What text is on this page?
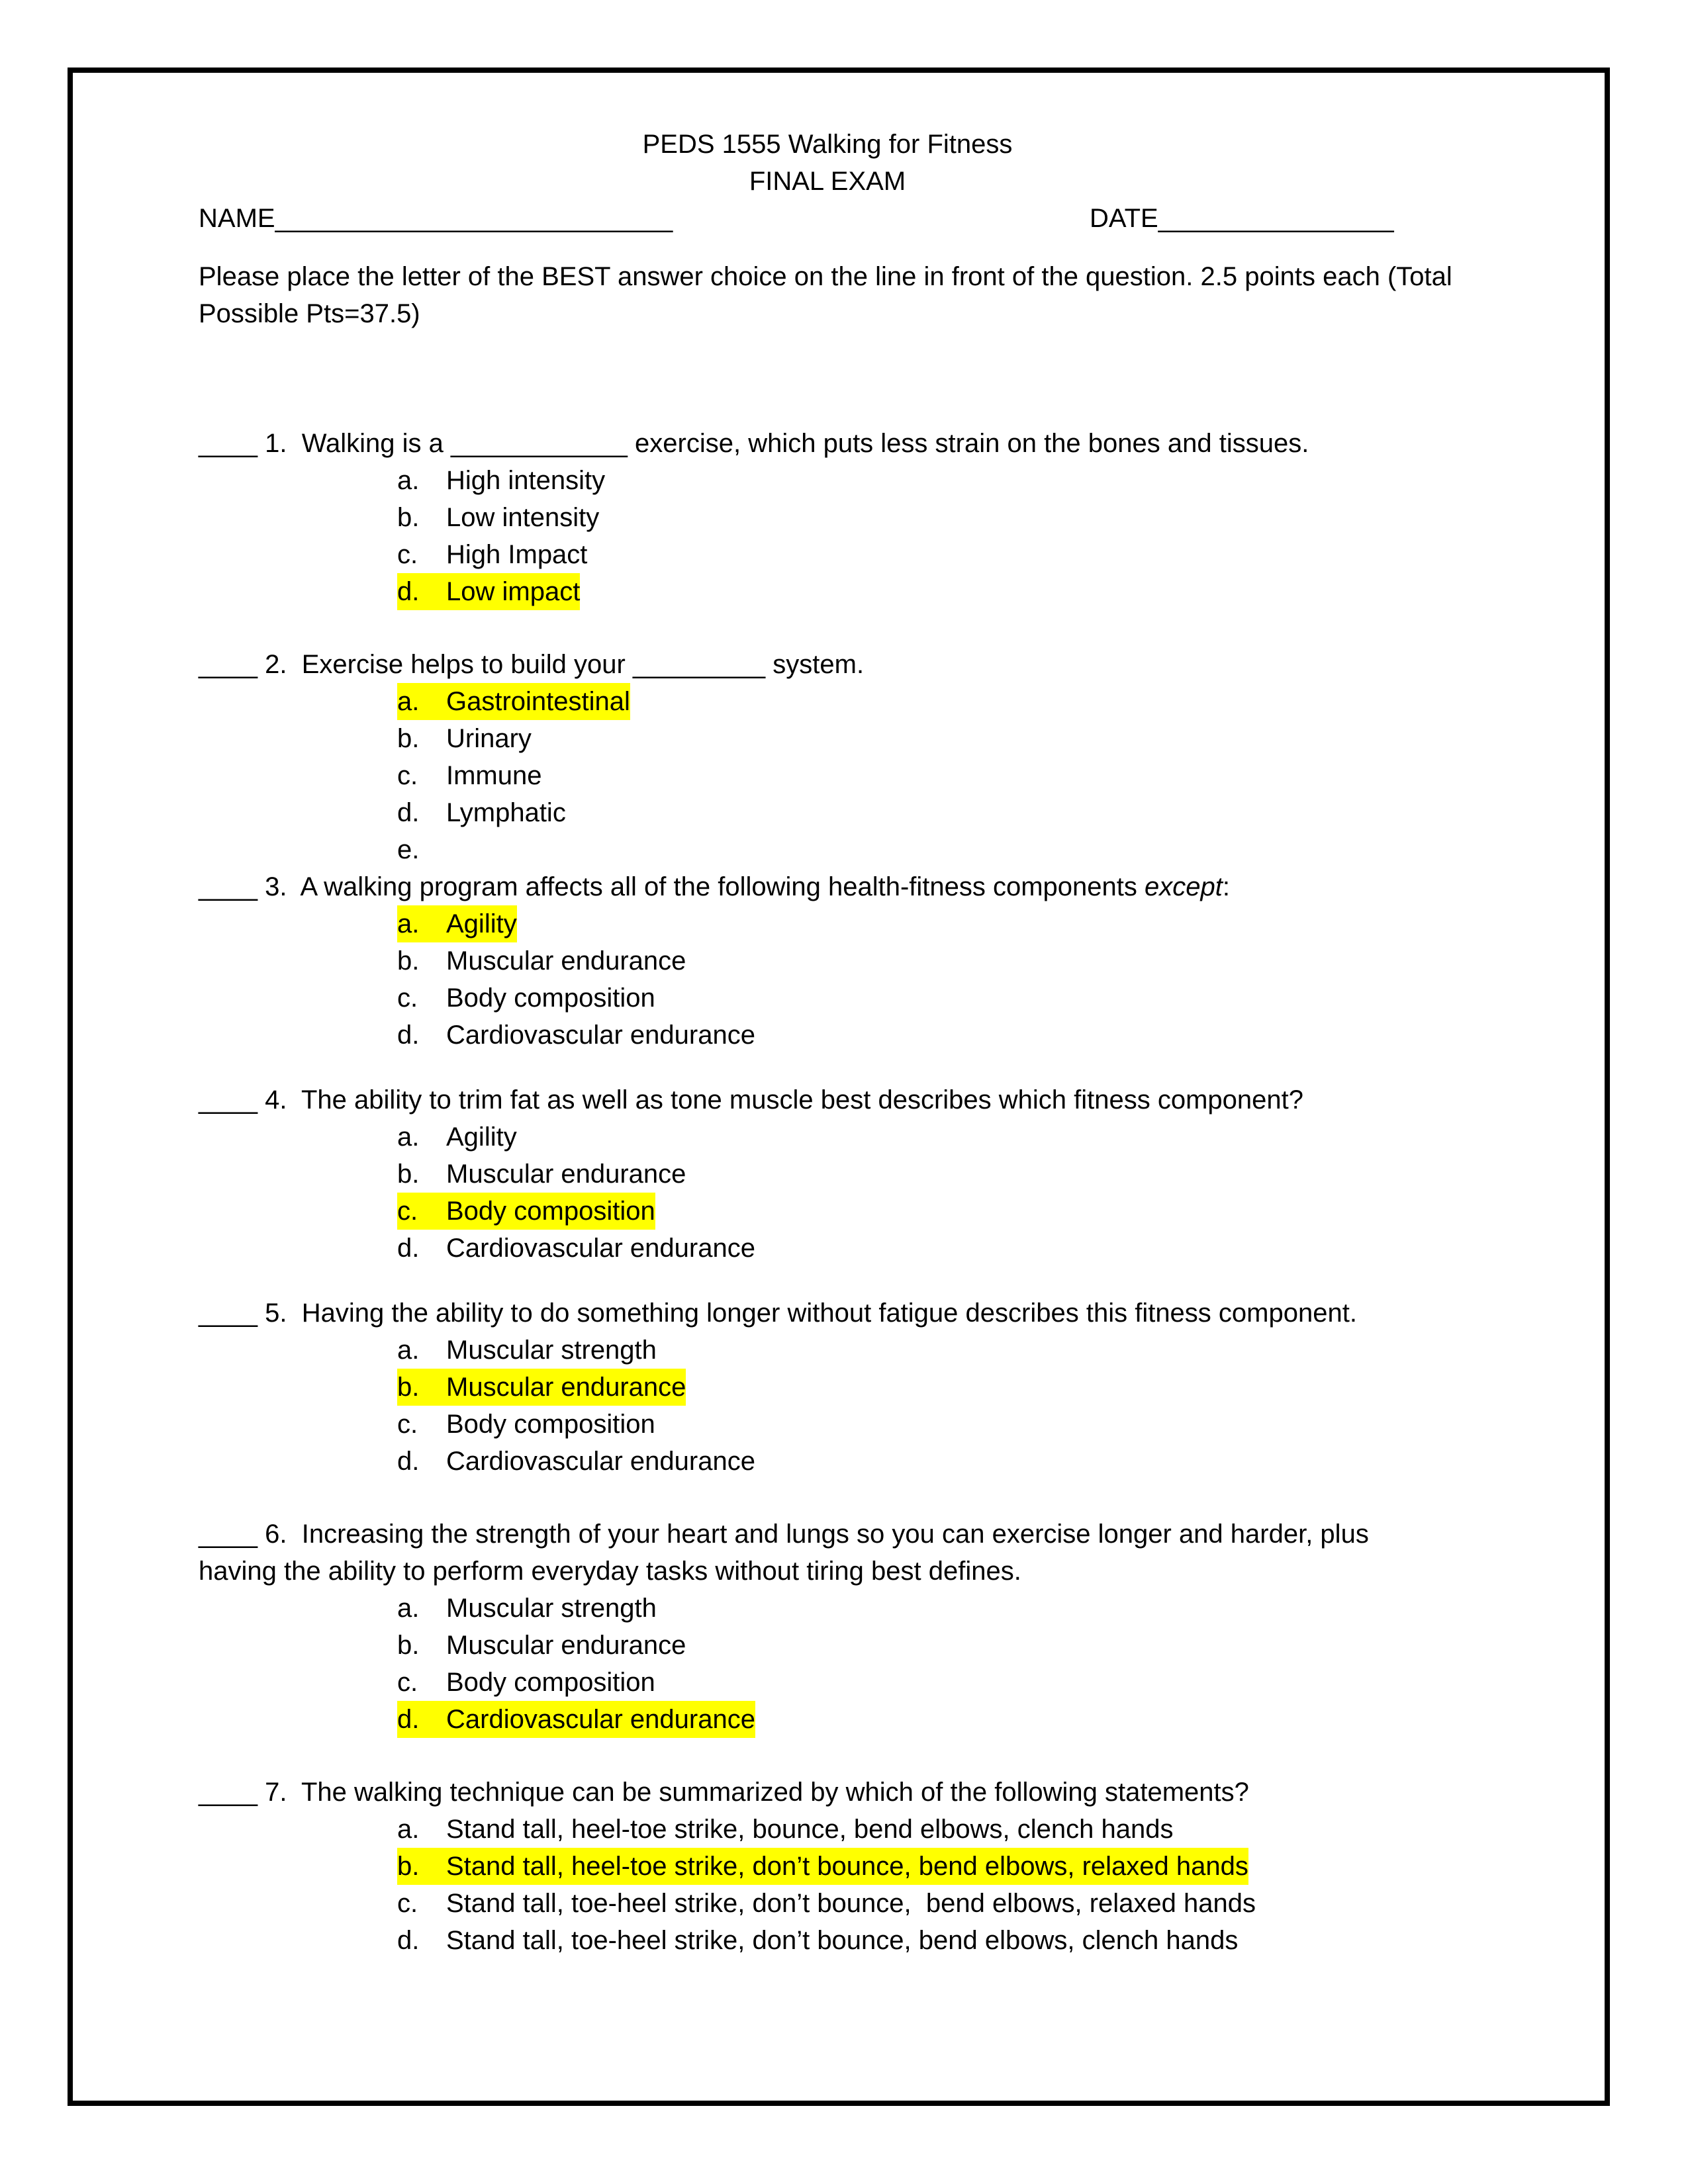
PEDS 1555 Walking for Fitness
FINAL EXAM
NAME___________________________	DATE________________
Please place the letter of the BEST answer choice on the line in front of the question. 2.5 points each (Total Possible Pts=37.5)
____ 1. Walking is a ____________ exercise, which puts less strain on the bones and tissues.
a. High intensity
b. Low intensity
c. High Impact
d. Low impact
____ 2. Exercise helps to build your _________ system.
a. Gastrointestinal
b. Urinary
c. Immune
d. Lymphatic
e.
____ 3. A walking program affects all of the following health-fitness components except:
a. Agility
b. Muscular endurance
c. Body composition
d. Cardiovascular endurance
____ 4. The ability to trim fat as well as tone muscle best describes which fitness component?
a. Agility
b. Muscular endurance
c. Body composition
d. Cardiovascular endurance
____ 5. Having the ability to do something longer without fatigue describes this fitness component.
a. Muscular strength
b. Muscular endurance
c. Body composition
d. Cardiovascular endurance
____ 6. Increasing the strength of your heart and lungs so you can exercise longer and harder, plus
having the ability to perform everyday tasks without tiring best defines.
a. Muscular strength
b. Muscular endurance
c. Body composition
d. Cardiovascular endurance
____ 7. The walking technique can be summarized by which of the following statements?
a. Stand tall, heel-toe strike, bounce, bend elbows, clench hands
b. Stand tall, heel-toe strike, don’t bounce, bend elbows, relaxed hands
c. Stand tall, toe-heel strike, don’t bounce,  bend elbows, relaxed hands
d. Stand tall, toe-heel strike, don’t bounce, bend elbows, clench hands
